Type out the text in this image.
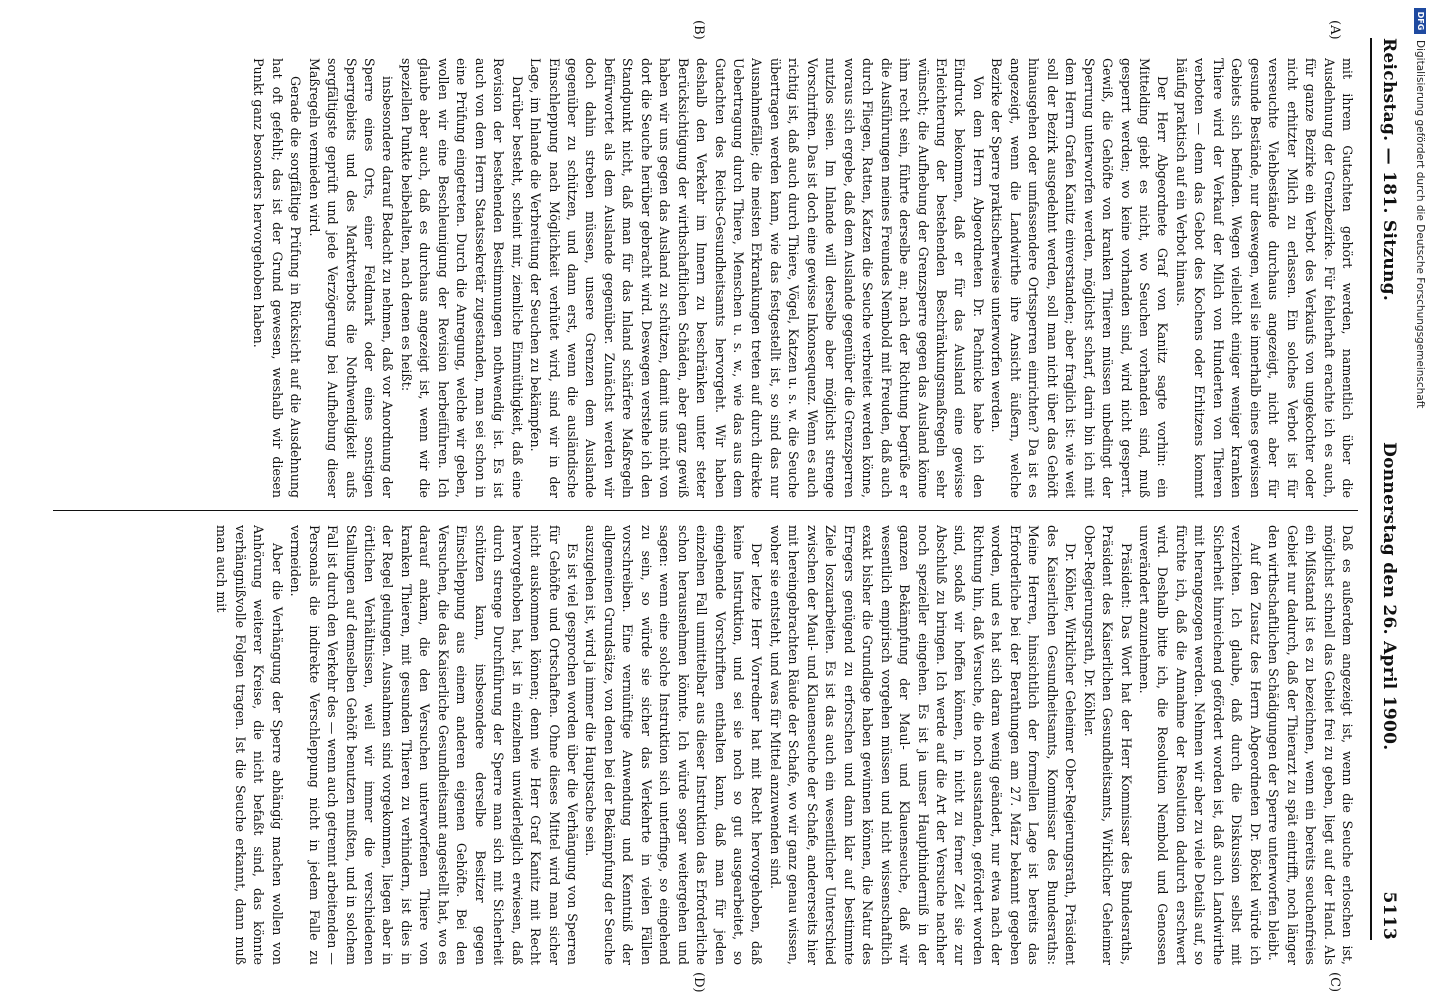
Reichstag. — 181. Sitzung.
Donnerstag den 26. April 1900.
5113
(A)
(B)
(C)
(D)

mit ihrem Gutachten gehört werden, namentlich über die Ausdehnung der Grenzbezirke. Für fehlerhaft erachte ich es auch, für ganze Bezirke ein Verbot des Verkaufs von ungekochter oder nicht erhitzter Milch zu erlassen. Ein solches Verbot ist für verseuchte Viehbestände durchaus angezeigt, nicht aber für gesunde Bestände, nur deswegen, weil sie innerhalb eines gewissen Gebiets sich befinden. Wegen vielleicht einiger weniger kranken Thiere wird der Verkauf der Milch von Hunderten von Thieren verboten — denn das Gebot des Kochens oder Erhitzens kommt häufig praktisch auf ein Verbot hinaus.

Der Herr Abgeordnete Graf von Kanitz sagte vorhin: ein Mittelding giebt es nicht, wo Seuchen vorhanden sind, muß gesperrt werden; wo keine vorhanden sind, wird nicht gesperrt. Gewiß, die Gehöfte von kranken Thieren müssen unbedingt der Sperrung unterworfen werden, möglichst scharf, darin bin ich mit dem Herrn Grafen Kanitz einverstanden; aber fraglich ist: wie weit soll der Bezirk ausgedehnt werden, soll man nicht über das Gehöft hinausgehen oder umfassendere Ortssperren einrichten? Da ist es angezeigt, wenn die Landwirthe ihre Ansicht äußern, welche Bezirke der Sperre praktischerweise unterworfen werden.

Von dem Herrn Abgeordneten Dr. Pachnicke habe ich den Eindruck bekommen, daß er für das Ausland eine gewisse Erleichterung der bestehenden Beschränkungsmaßregeln sehr wünscht; die Aufhebung der Grenzsperre gegen das Ausland könne ihm recht sein, führte derselbe an; nach der Richtung begrüße er die Ausführungen meines Freundes Nembold mit Freuden, daß auch durch Fliegen, Ratten, Katzen die Seuche verbreitet werden könne, woraus sich ergebe, daß dem Auslande gegenüber die Grenzsperren nutzlos seien. Im Inlande will derselbe aber möglichst strenge Vorschriften. Das ist doch eine gewisse Inkonsequenz. Wenn es auch richtig ist, daß auch durch Thiere, Vögel, Katzen u. s. w. die Seuche übertragen werden kann, wie das festgestellt ist, so sind das nur Ausnahmefälle; die meisten Erkrankungen treten auf durch direkte Uebertragung durch Thiere, Menschen u. s. w., wie das aus dem Gutachten des Reichs-Gesundheitsamts hervorgeht. Wir haben deshalb den Verkehr im Innern zu beschränken unter steter Berücksichtigung der wirthschaftlichen Schäden, aber ganz gewiß haben wir uns gegen das Ausland zu schützen, damit uns nicht von dort die Seuche herüber gebracht wird. Deswegen verstehe ich den Standpunkt nicht, daß man für das Inland schärfere Maßregeln befürwortet als dem Auslande gegenüber. Zunächst werden wir doch dahin streben müssen, unsere Grenzen dem Auslande gegenüber zu schützen, und dann erst, wenn die ausländische Einschleppung nach Möglichkeit verhütet wird, sind wir in der Lage, im Inlande die Verbreitung der Seuchen zu bekämpfen.

Darüber besteht, scheint mir, ziemliche Einmüthigkeit, daß eine Revision der bestehenden Bestimmungen nothwendig ist. Es ist auch von dem Herrn Staatssekretär zugestanden, man sei schon in eine Prüfung eingetreten. Durch die Anregung, welche wir geben, wollen wir eine Beschleunigung der Revision herbeiführen. Ich glaube aber auch, daß es durchaus angezeigt ist, wenn wir die speziellen Punkte beibehalten, nach denen es heißt:

insbesondere darauf Bedacht zu nehmen, daß vor Anordnung der Sperre eines Orts, einer Feldmark oder eines sonstigen Sperrgebiets und des Marktverbots die Nothwendigkeit aufs sorgfältigste geprüft und jede Verzögerung bei Aufhebung dieser Maßregeln vermieden wird.

Gerade die sorgfältige Prüfung in Rücksicht auf die Ausdehnung hat oft gefehlt; das ist der Grund gewesen, weshalb wir diesen Punkt ganz besonders hervorgehoben haben.

Daß es außerdem angezeigt ist, wenn die Seuche erloschen ist, möglichst schnell das Gebiet frei zu geben, liegt auf der Hand. Als ein Mißstand ist es zu bezeichnen, wenn ein bereits seuchenfreies Gebiet nur dadurch, daß der Thierarzt zu spät eintrifft, noch länger den wirthschaftlichen Schädigungen der Sperre unterworfen bleibt.

Auf den Zusatz des Herrn Abgeordneten Dr. Böckel würde ich verzichten. Ich glaube, daß durch die Diskussion selbst mit Sicherheit hinreichend gefördert worden ist, daß auch Landwirthe mit herangezogen werden. Nehmen wir aber zu viele Details auf, so fürchte ich, daß die Annahme der Resolution dadurch erschwert wird. Deshalb bitte ich, die Resolution Nembold und Genossen unverändert anzunehmen.

Präsident: Das Wort hat der Herr Kommissar des Bundesraths, Präsident des Kaiserlichen Gesundheitsamts, Wirklicher Geheimer Ober-Regierungsrath, Dr. Köhler.

Dr. Köhler, Wirklicher Geheimer Ober-Regierungsrath, Präsident des Kaiserlichen Gesundheitsamts, Kommissar des Bundesraths: Meine Herren, hinsichtlich der formellen Lage ist bereits das Erforderliche bei der Berathungen am 27. März bekannt gegeben worden, und es hat sich daran wenig geändert, nur etwa nach der Richtung hin, daß Versuche, die noch ausstanden, gefördert worden sind, sodaß wir hoffen können, in nicht zu ferner Zeit sie zur Abschluß zu bringen. Ich werde auf die Art der Versuche nachher noch spezieller eingehen. Es ist ja unser Haupthinderniß in der ganzen Bekämpfung der Maul- und Klauenseuche, daß wir wesentlich empirisch vorgehen müssen und nicht wissenschaftlich exakt bisher die Grundlage haben gewinnen können, die Natur des Erregers genügend zu erforschen und dann klar auf bestimmte Ziele loszuarbeiten. Es ist das auch ein wesentlicher Unterschied zwischen der Maul- und Klauenseuche der Schafe, andererseits hier mit hereingebrachten Räude der Schafe, wo wir ganz genau wissen, woher sie entsteht, und was für Mittel anzuwenden sind.

Der letzte Herr Vorredner hat mit Recht hervorgehoben, daß keine Instruktion, und sei sie noch so gut ausgearbeitet, so eingehende Vorschriften enthalten kann, daß man für jeden einzelnen Fall unmittelbar aus dieser Instruktion das Erforderliche schon herausnehmen könnte. Ich würde sogar weitergehen und sagen: wenn eine solche Instruktion sich unterfinge, so eingehend zu sein, so würde sie sicher das Verkehrte in vielen Fällen vorschreiben. Eine vernünftige Anwendung und Kenntniß der allgemeinen Grundsätze, von denen bei der Bekämpfung der Seuche auszugehen ist, wird ja immer die Hauptsache sein.

Es ist viel gesprochen worden über die Verhängung von Sperren für Gehöfte und Ortschaften. Ohne dieses Mittel wird man sicher nicht auskommen können; denn wie Herr Graf Kanitz mit Recht hervorgehoben hat, ist in einzelnen unwiderleglich erwiesen, daß durch strenge Durchführung der Sperre man sich mit Sicherheit schützen kann, insbesondere derselbe Besitzer gegen Einschleppung aus einem anderen eigenen Gehöfte. Bei den Versuchen, die das Kaiserliche Gesundheitsamt angestellt hat, wo es darauf ankam, die den Versuchen unterworfenen Thiere von kranken Thieren, mit gesunden Thieren zu verhindern, ist dies in der Regel gelungen. Ausnahmen sind vorgekommen, liegen aber in örtlichen Verhältnissen, weil wir immer die verschiedenen Stallungen auf demselben Gehöft benutzen mußten, und in solchem Fall ist durch den Verkehr des — wenn auch getrennt arbeitenden — Personals die indirekte Verschleppung nicht in jedem Falle zu vermeiden.

Aber die Verhängung der Sperre abhängig machen wollen von Anhörung weiterer Kreise, die nicht befaßt sind, das könnte verhängnißvolle Folgen tragen. Ist die Seuche erkannt, dann muß man auch mit

DFG
Digitalisierung gefördert durch die Deutsche Forschungsgemeinschaft
